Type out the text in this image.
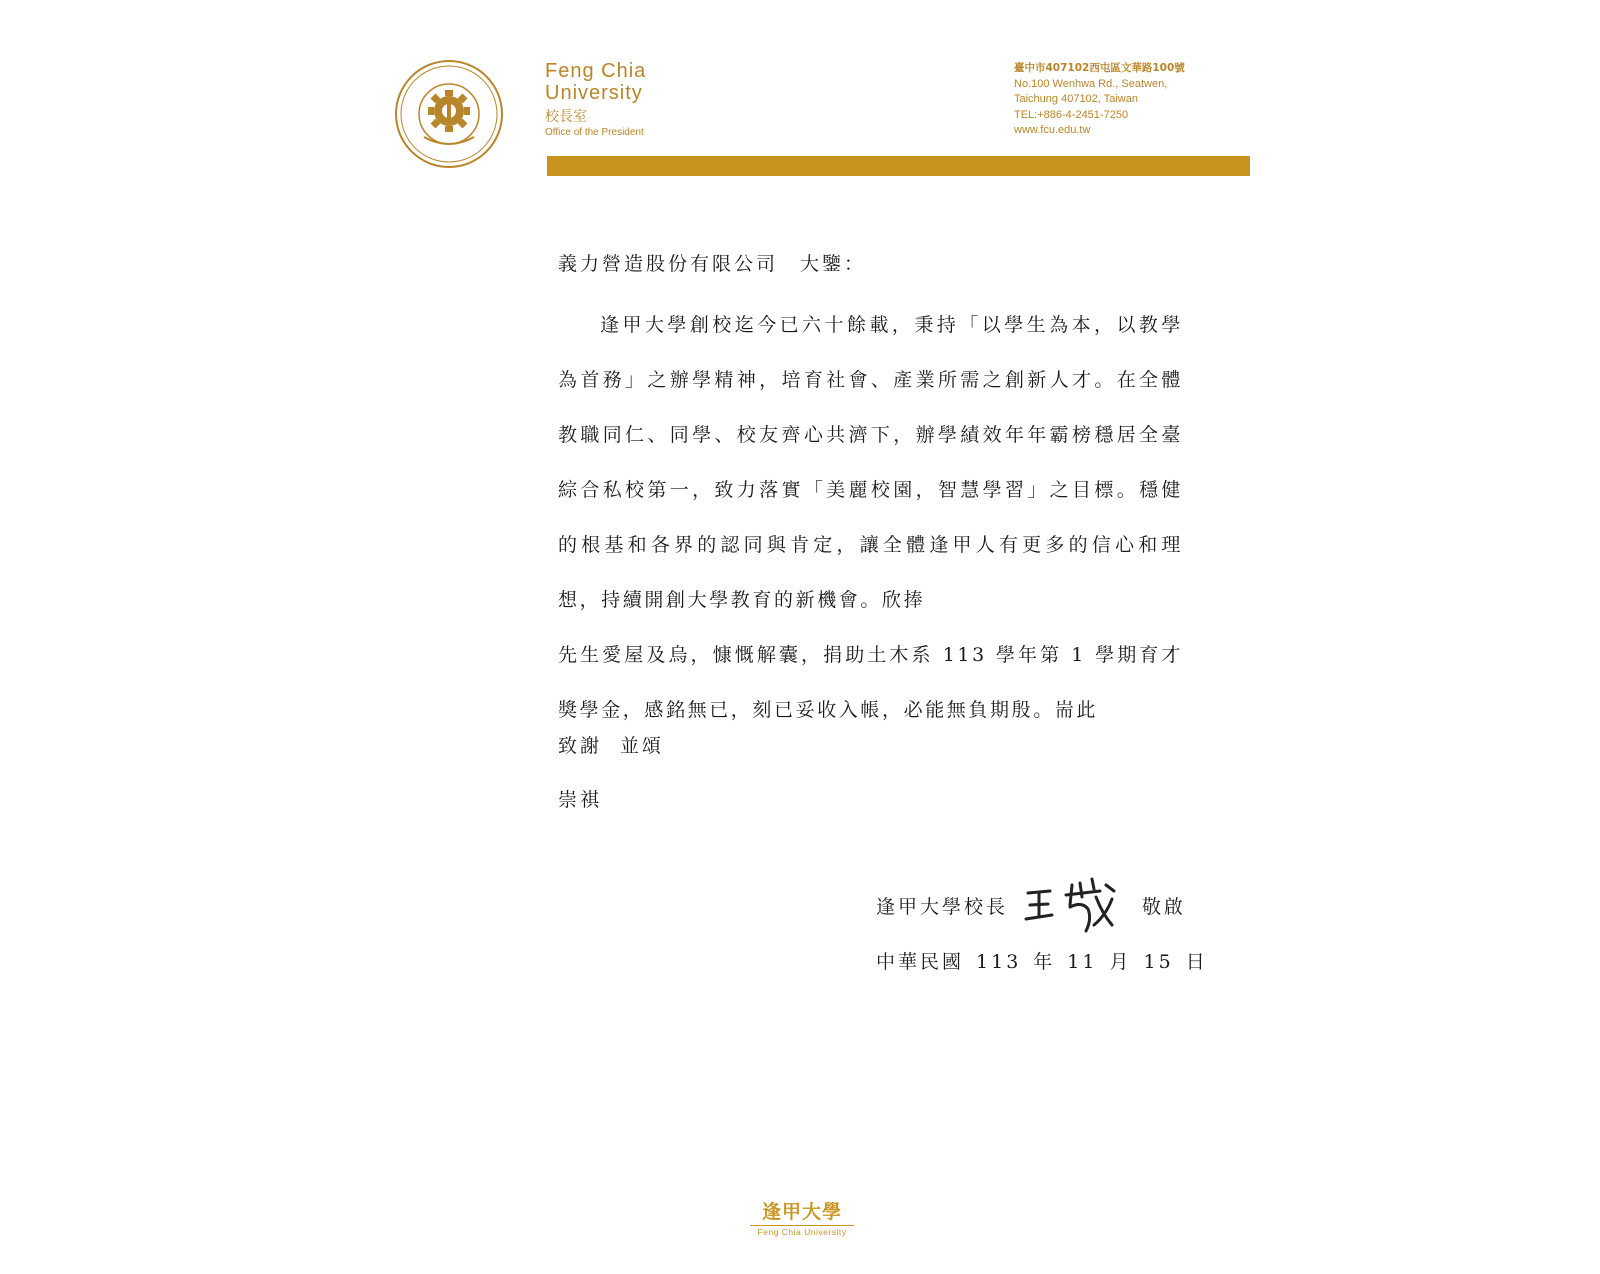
Feng Chia
University
校長室
Office of the President
臺中市407102西屯區文華路100號
No.100 Wenhwa Rd., Seatwen,
Taichung 407102, Taiwan
TEL:+886-4-2451-7250
www.fcu.edu.tw
義力營造股份有限公司 大鑒：

逢甲大學創校迄今已六十餘載，秉持「以學生為本，以教學為首務」之辦學精神，培育社會、產業所需之創新人才。在全體教職同仁、同學、校友齊心共濟下，辦學績效年年霸榜穩居全臺綜合私校第一，致力落實「美麗校園，智慧學習」之目標。穩健的根基和各界的認同與肯定，讓全體逢甲人有更多的信心和理想，持續開創大學教育的新機會。欣捧

先生愛屋及烏，慷慨解囊，捐助土木系 113 學年第 1 學期育才獎學金，感銘無已，刻已妥收入帳，必能無負期殷。耑此

致謝 並頌
崇祺
逢甲大學校長	敬啟
中華民國 113 年 11 月 15 日
逢甲大學
Feng Chia University
